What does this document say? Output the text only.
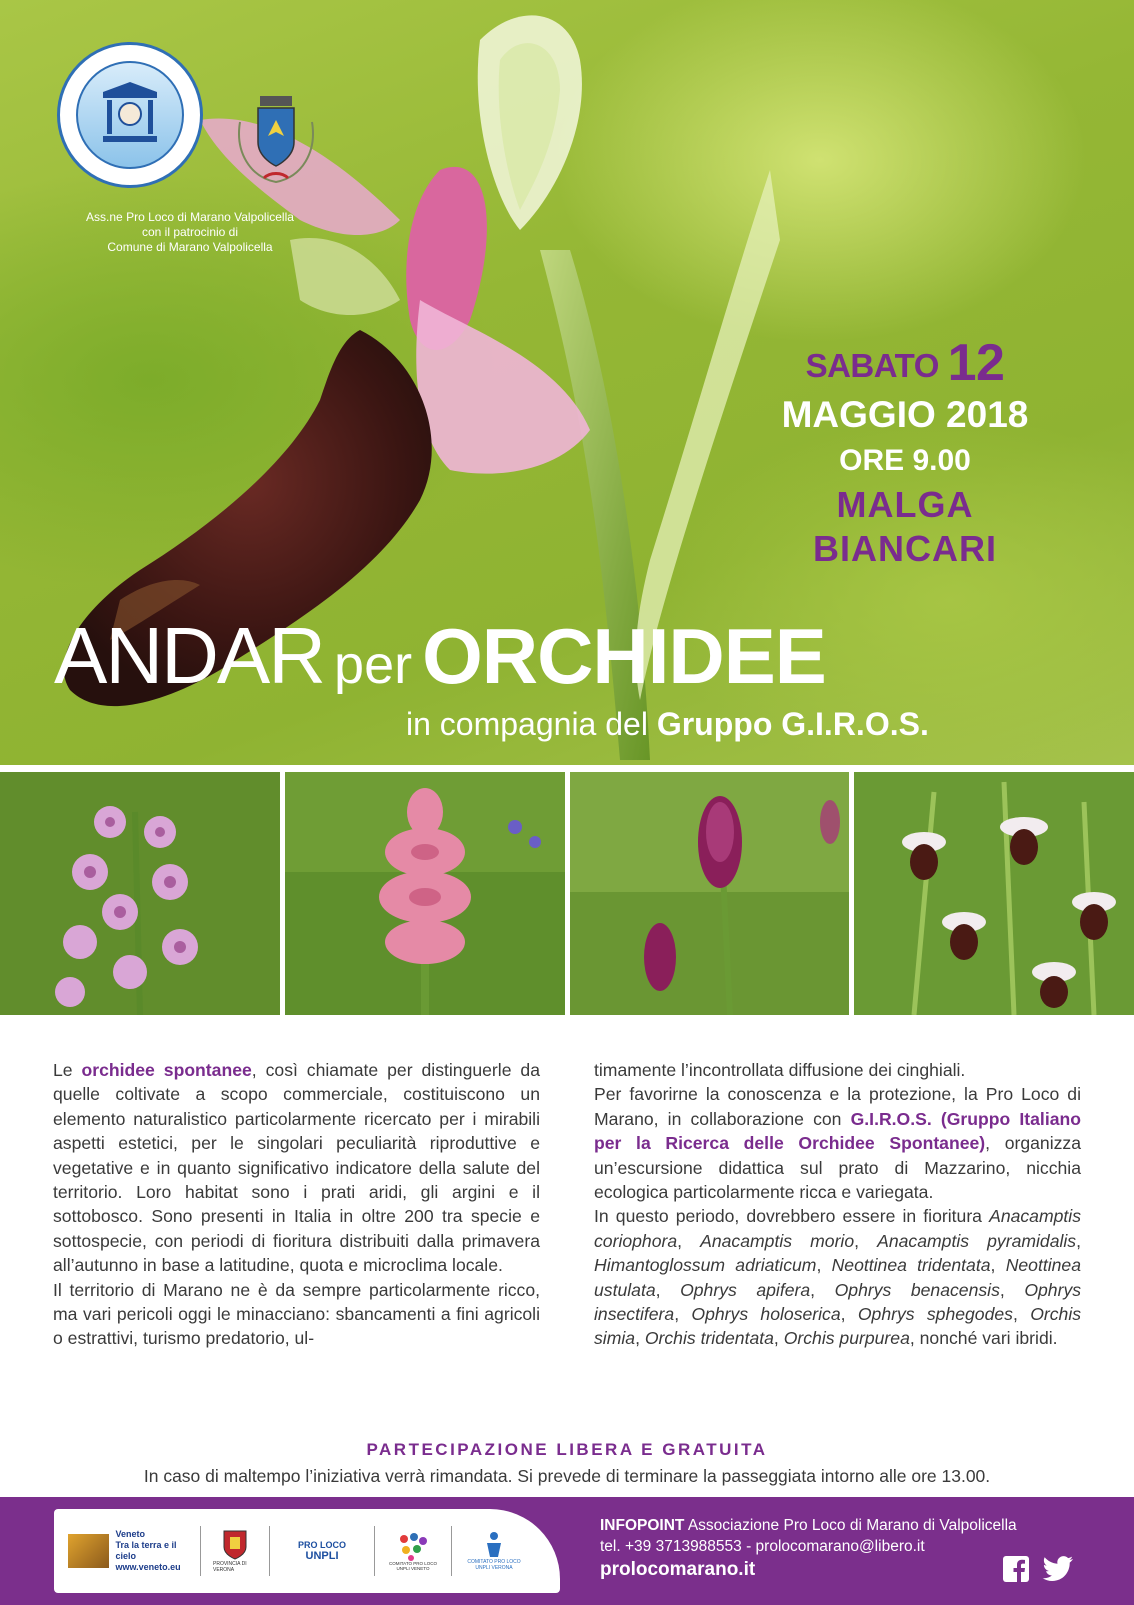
Ass.ne Pro Loco di Marano Valpolicella
con il patrocinio di
Comune di Marano Valpolicella
SABATO 12
MAGGIO 2018
ORE 9.00
MALGA
BIANCARI
ANDAR per ORCHIDEE
in compagnia del Gruppo G.I.R.O.S.

Le orchidee spontanee, così chiamate per distinguerle da quelle coltivate a scopo commerciale, costituiscono un elemento naturalistico particolarmente ricercato per i mirabili aspetti estetici, per le singolari peculiarità riproduttive e vegetative e in quanto significativo indicatore della salute del territorio. Loro habitat sono i prati aridi, gli argini e il sottobosco. Sono presenti in Italia in oltre 200 tra specie e sottospecie, con periodi di fioritura distribuiti dalla primavera all’autunno in base a latitudine, quota e microclima locale.

Il territorio di Marano ne è da sempre particolarmente ricco, ma vari pericoli oggi le minacciano: sbancamenti a fini agricoli o estrattivi, turismo predatorio, ul-

timamente l’incontrollata diffusione dei cinghiali.

Per favorirne la conoscenza e la protezione, la Pro Loco di Marano, in collaborazione con G.I.R.O.S. (Gruppo Italiano per la Ricerca delle Orchidee Spontanee), organizza un’escursione didattica sul prato di Mazzarino, nicchia ecologica particolarmente ricca e variegata.

In questo periodo, dovrebbero essere in fioritura Anacamptis coriophora, Anacamptis morio, Anacamptis pyramidalis, Himantoglossum adriaticum, Neottinea tridentata, Neottinea ustulata, Ophrys apifera, Ophrys benacensis, Ophrys insectifera, Ophrys holoserica, Ophrys sphegodes, Orchis simia, Orchis tridentata, Orchis purpurea, nonché vari ibridi.

PARTECIPAZIONE LIBERA E GRATUITA
In caso di maltempo l’iniziativa verrà rimandata. Si prevede di terminare la passeggiata intorno alle ore 13.00.
Veneto
Tra la terra e il cielo
www.veneto.eu	PROVINCIA DI VERONA
PRO LOCO
UNPLI
COMITATO PRO LOCO UNPLI VENETO
COMITATO PRO LOCO UNPLI VERONA
INFOPOINT Associazione Pro Loco di Marano di Valpolicella
tel. +39 3713988553 - prolocomarano@libero.it
prolocomarano.it
